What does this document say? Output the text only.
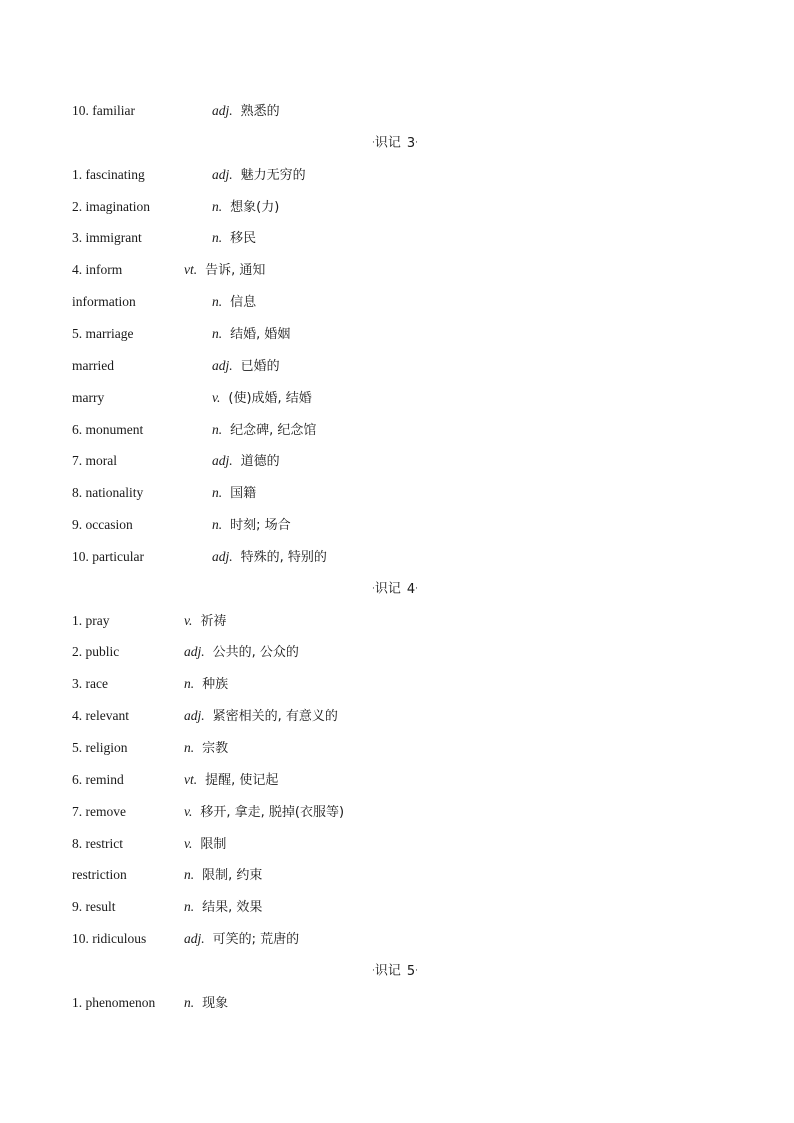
10. familiar	adj. 熟悉的
·识记 3·
1. fascinating	adj. 魅力无穷的
2. imagination	n. 想象(力)
3. immigrant	n. 移民
4. inform	vt. 告诉, 通知
information	n. 信息
5. marriage	n. 结婚, 婚姻
married	adj. 已婚的
marry	v. (使)成婚, 结婚
6. monument	n. 纪念碑, 纪念馆
7. moral	adj. 道德的
8. nationality	n. 国籍
9. occasion	n. 时刻; 场合
10. particular	adj. 特殊的, 特别的
·识记 4·
1. pray	v. 祈祷
2. public	adj. 公共的, 公众的
3. race	n. 种族
4. relevant	adj. 紧密相关的, 有意义的
5. religion	n. 宗教
6. remind	vt. 提醒, 使记起
7. remove	v. 移开, 拿走, 脱掉(衣服等)
8. restrict	v. 限制
restriction	n. 限制, 约束
9. result	n. 结果, 效果
10. ridiculous	adj. 可笑的; 荒唐的
·识记 5·
1. phenomenon n. 现象
